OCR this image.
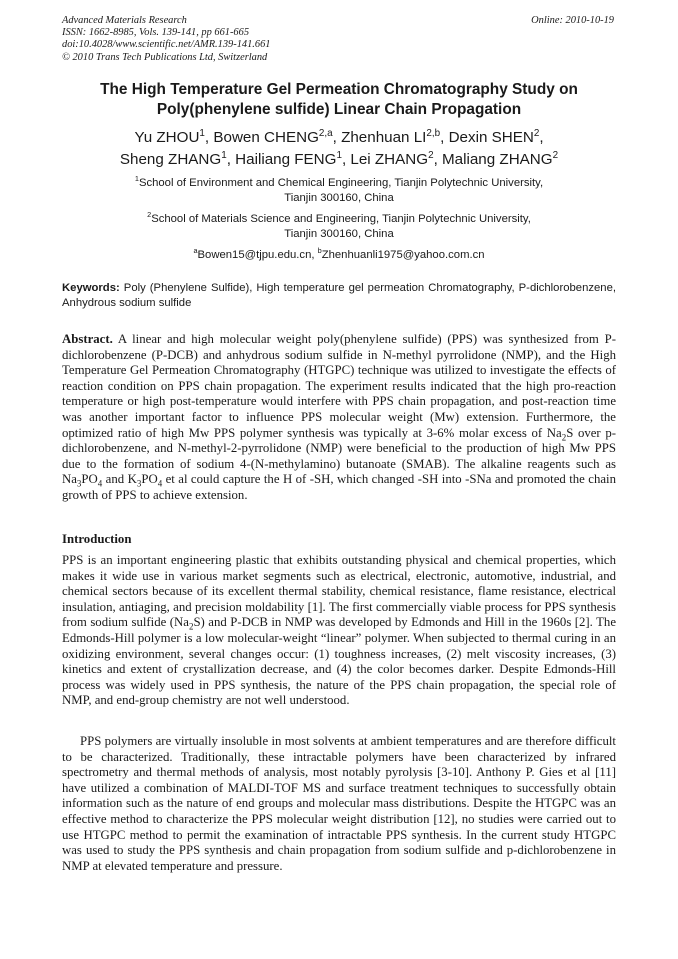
Advanced Materials Research
ISSN: 1662-8985, Vols. 139-141, pp 661-665
doi:10.4028/www.scientific.net/AMR.139-141.661
© 2010 Trans Tech Publications Ltd, Switzerland
Online: 2010-10-19
The High Temperature Gel Permeation Chromatography Study on
Poly(phenylene sulfide) Linear Chain Propagation
Yu ZHOU$^1$, Bowen CHENG$^{2,a}$, Zhenhuan LI$^{2,b}$, Dexin SHEN$^2$,
Sheng ZHANG$^1$, Hailiang FENG$^1$, Lei ZHANG$^2$, Maliang ZHANG$^2$
$^1$School of Environment and Chemical Engineering, Tianjin Polytechnic University,
Tianjin 300160, China
$^2$School of Materials Science and Engineering, Tianjin Polytechnic University,
Tianjin 300160, China
$^a$Bowen15@tjpu.edu.cn, $^b$Zhenhuanli1975@yahoo.com.cn
Keywords: Poly (Phenylene Sulfide), High temperature gel permeation Chromatography, P-dichlorobenzene, Anhydrous sodium sulfide
Abstract. A linear and high molecular weight poly(phenylene sulfide) (PPS) was synthesized from P-dichlorobenzene (P-DCB) and anhydrous sodium sulfide in N-methyl pyrrolidone (NMP), and the High Temperature Gel Permeation Chromatography (HTGPC) technique was utilized to investigate the effects of reaction condition on PPS chain propagation. The experiment results indicated that the high pro-reaction temperature or high post-temperature would interfere with PPS chain propagation, and post-reaction time was another important factor to influence PPS molecular weight (Mw) extension. Furthermore, the optimized ratio of high Mw PPS polymer synthesis was typically at 3-6% molar excess of $Na_2S$ over p-dichlorobenzene, and N-methyl-2-pyrrolidone (NMP) were beneficial to the production of high Mw PPS due to the formation of sodium 4-(N-methylamino) butanoate (SMAB). The alkaline reagents such as $Na_3PO_4$ and $K_3PO_4$ et al could capture the H of -SH, which changed -SH into -SNa and promoted the chain growth of PPS to achieve extension.
Introduction
PPS is an important engineering plastic that exhibits outstanding physical and chemical properties, which makes it wide use in various market segments such as electrical, electronic, automotive, industrial, and chemical sectors because of its excellent thermal stability, chemical resistance, flame resistance, electrical insulation, antiaging, and precision moldability [1]. The first commercially viable process for PPS synthesis from sodium sulfide $(Na_2S)$ and P-DCB in NMP was developed by Edmonds and Hill in the 1960s [2]. The Edmonds-Hill polymer is a low molecular-weight “linear” polymer. When subjected to thermal curing in an oxidizing environment, several changes occur: (1) toughness increases, (2) melt viscosity increases, (3) kinetics and extent of crystallization decrease, and (4) the color becomes darker. Despite Edmonds-Hill process was widely used in PPS synthesis, the nature of the PPS chain propagation, the special role of NMP, and end-group chemistry are not well understood.
PPS polymers are virtually insoluble in most solvents at ambient temperatures and are therefore difficult to be characterized. Traditionally, these intractable polymers have been characterized by infrared spectrometry and thermal methods of analysis, most notably pyrolysis [3-10]. Anthony P. Gies et al [11] have utilized a combination of MALDI-TOF MS and surface treatment techniques to successfully obtain information such as the nature of end groups and molecular mass distributions. Despite the HTGPC was an effective method to characterize the PPS molecular weight distribution [12], no studies were carried out to use HTGPC method to permit the examination of intractable PPS synthesis. In the current study HTGPC was used to study the PPS synthesis and chain propagation from sodium sulfide and p-dichlorobenzene in NMP at elevated temperature and pressure.
